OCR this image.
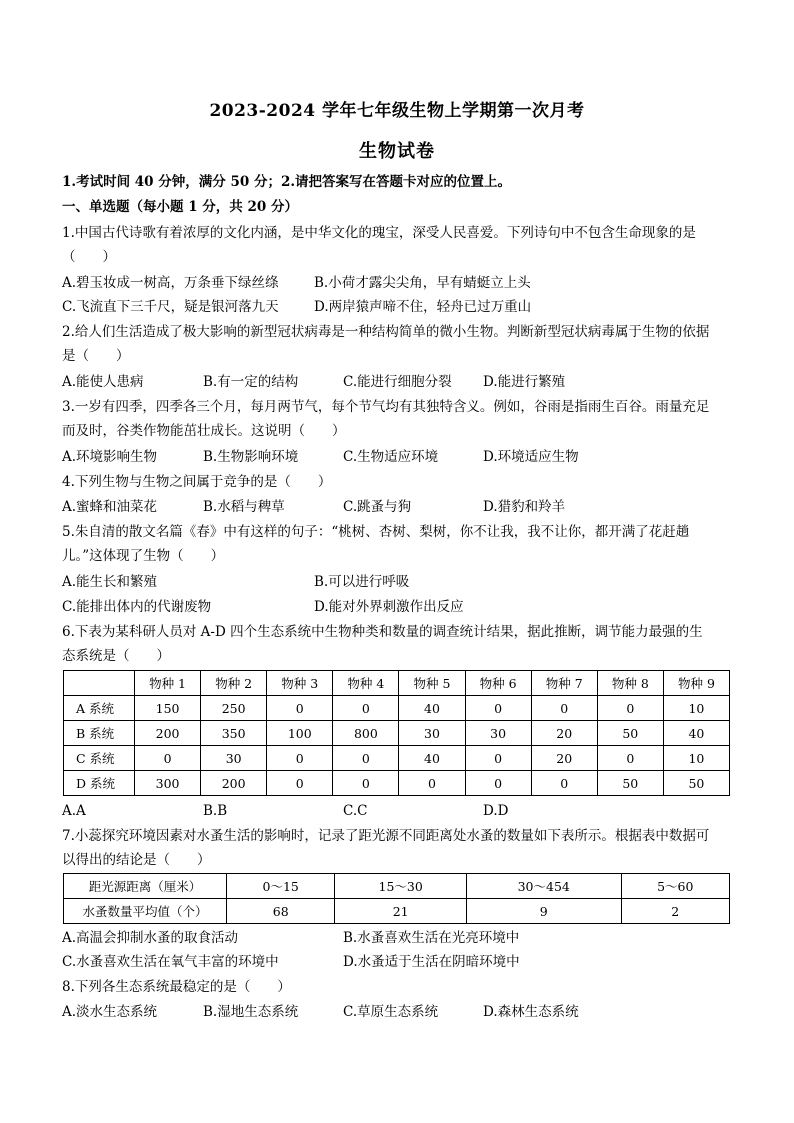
2023-2024 学年七年级生物上学期第一次月考
生物试卷
1.考试时间 40 分钟，满分 50 分；2.请把答案写在答题卡对应的位置上。
一、单选题（每小题 1 分，共 20 分）
1.中国古代诗歌有着浓厚的文化内涵，是中华文化的瑰宝，深受人民喜爱。下列诗句中不包含生命现象的是
（　　）
A.碧玉妆成一树高，万条垂下绿丝绦	B.小荷才露尖尖角，早有蜻蜓立上头
C.飞流直下三千尺，疑是银河落九天	D.两岸猿声啼不住，轻舟已过万重山
2.给人们生活造成了极大影响的新型冠状病毒是一种结构简单的微小生物。判断新型冠状病毒属于生物的依据
是（　　）
A.能使人患病	B.有一定的结构	C.能进行细胞分裂 D.能进行繁殖
3.一岁有四季，四季各三个月，每月两节气，每个节气均有其独特含义。例如，谷雨是指雨生百谷。雨量充足
而及时，谷类作物能茁壮成长。这说明（　　）
A.环境影响生物	B.生物影响环境	C.生物适应环境	D.环境适应生物
4.下列生物与生物之间属于竞争的是（　　）
A.蜜蜂和油菜花	B.水稻与稗草	C.跳蚤与狗	D.猎豹和羚羊
5.朱自清的散文名篇《春》中有这样的句子：“桃树、杏树、梨树，你不让我，我不让你，都开满了花赶趟
儿。”这体现了生物（　　）
A.能生长和繁殖	B.可以进行呼吸
C.能排出体内的代谢废物	D.能对外界刺激作出反应
6.下表为某科研人员对 A-D 四个生态系统中生物种类和数量的调查统计结果，据此推断，调节能力最强的生
态系统是（　　）
	物种 1	物种 2	物种 3	物种 4	物种 5	物种 6	物种 7	物种 8	物种 9
A 系统	150	250	0	0	40	0	0	0	10
B 系统	200	350	100	800	30	30	20	50	40
C 系统	0	30	0	0	40	0	20	0	10
D 系统	300	200	0	0	0	0	0	50	50
A.A	B.B	C.C	D.D
7.小蕊探究环境因素对水蚤生活的影响时，记录了距光源不同距离处水蚤的数量如下表所示。根据表中数据可
以得出的结论是（　　）
距光源距离（厘米）	0～15	15～30	30～454	5～60
水蚤数量平均值（个）	68	21	9	2
A.高温会抑制水蚤的取食活动	B.水蚤喜欢生活在光亮环境中
C.水蚤喜欢生活在氧气丰富的环境中	D.水蚤适于生活在阴暗环境中
8.下列各生态系统最稳定的是（　　）
A.淡水生态系统	B.湿地生态系统	C.草原生态系统	D.森林生态系统
